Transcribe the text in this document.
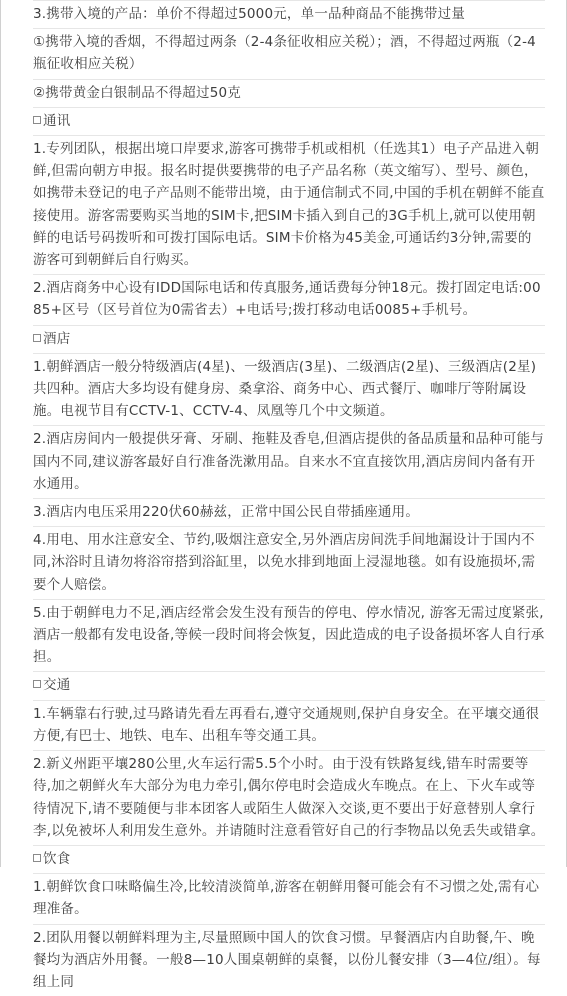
3.携带入境的产品：单价不得超过5000元，单一品种商品不能携带过量
①携带入境的香烟，不得超过两条（2-4条征收相应关税）；酒，不得超过两瓶（2-4瓶征收相应关税）
②携带黄金白银制品不得超过50克
通讯
1.专列团队，根据出境口岸要求,游客可携带手机或相机（任选其1）电子产品进入朝鲜,但需向朝方申报。报名时提供要携带的电子产品名称（英文缩写）、型号、颜色，如携带未登记的电子产品则不能带出境，由于通信制式不同,中国的手机在朝鲜不能直接使用。游客需要购买当地的SIM卡,把SIM卡插入到自己的3G手机上,就可以使用朝鲜的电话号码拨听和可拨打国际电话。SIM卡价格为45美金,可通话约3分钟,需要的游客可到朝鲜后自行购买。
2.酒店商务中心设有IDD国际电话和传真服务,通话费每分钟18元。拨打固定电话:0085+区号（区号首位为0需省去）+电话号;拨打移动电话0085+手机号。
酒店
1.朝鲜酒店一般分特级酒店(4星)、一级酒店(3星)、二级酒店(2星)、三级酒店(2星)共四种。酒店大多均设有健身房、桑拿浴、商务中心、西式餐厅、咖啡厅等附属设施。电视节目有CCTV-1、CCTV-4、凤凰等几个中文频道。
2.酒店房间内一般提供牙膏、牙刷、拖鞋及香皂,但酒店提供的备品质量和品种可能与国内不同,建议游客最好自行准备洗漱用品。自来水不宜直接饮用,酒店房间内备有开水通用。
3.酒店内电压采用220伏60赫兹，正常中国公民自带插座通用。
4.用电、用水注意安全、节约,吸烟注意安全,另外酒店房间洗手间地漏设计于国内不同,沐浴时且请勿将浴帘搭到浴缸里，以免水排到地面上浸湿地毯。如有设施损坏,需要个人赔偿。
5.由于朝鲜电力不足,酒店经常会发生没有预告的停电、停水情况, 游客无需过度紧张,酒店一般都有发电设备,等候一段时间将会恢复，因此造成的电子设备损坏客人自行承担。
交通
1.车辆靠右行驶,过马路请先看左再看右,遵守交通规则,保护自身安全。在平壤交通很方便,有巴士、地铁、电车、出租车等交通工具。
2.新义州距平壤280公里,火车运行需5.5个小时。由于没有铁路复线,错车时需要等待,加之朝鲜火车大部分为电力牵引,偶尔停电时会造成火车晚点。在上、下火车或等待情况下,请不要随便与非本团客人或陌生人做深入交谈,更不要出于好意替别人拿行李,以免被坏人利用发生意外。并请随时注意看管好自己的行李物品以免丢失或错拿。
饮食
1.朝鲜饮食口味略偏生冷,比较清淡简单,游客在朝鲜用餐可能会有不习惯之处,需有心理准备。
2.团队用餐以朝鲜料理为主,尽量照顾中国人的饮食习惯。早餐酒店内自助餐,午、晚餐均为酒店外用餐。一般8—10人围桌朝鲜的桌餐，以份儿餐安排（3—4位/组）。每组上同
